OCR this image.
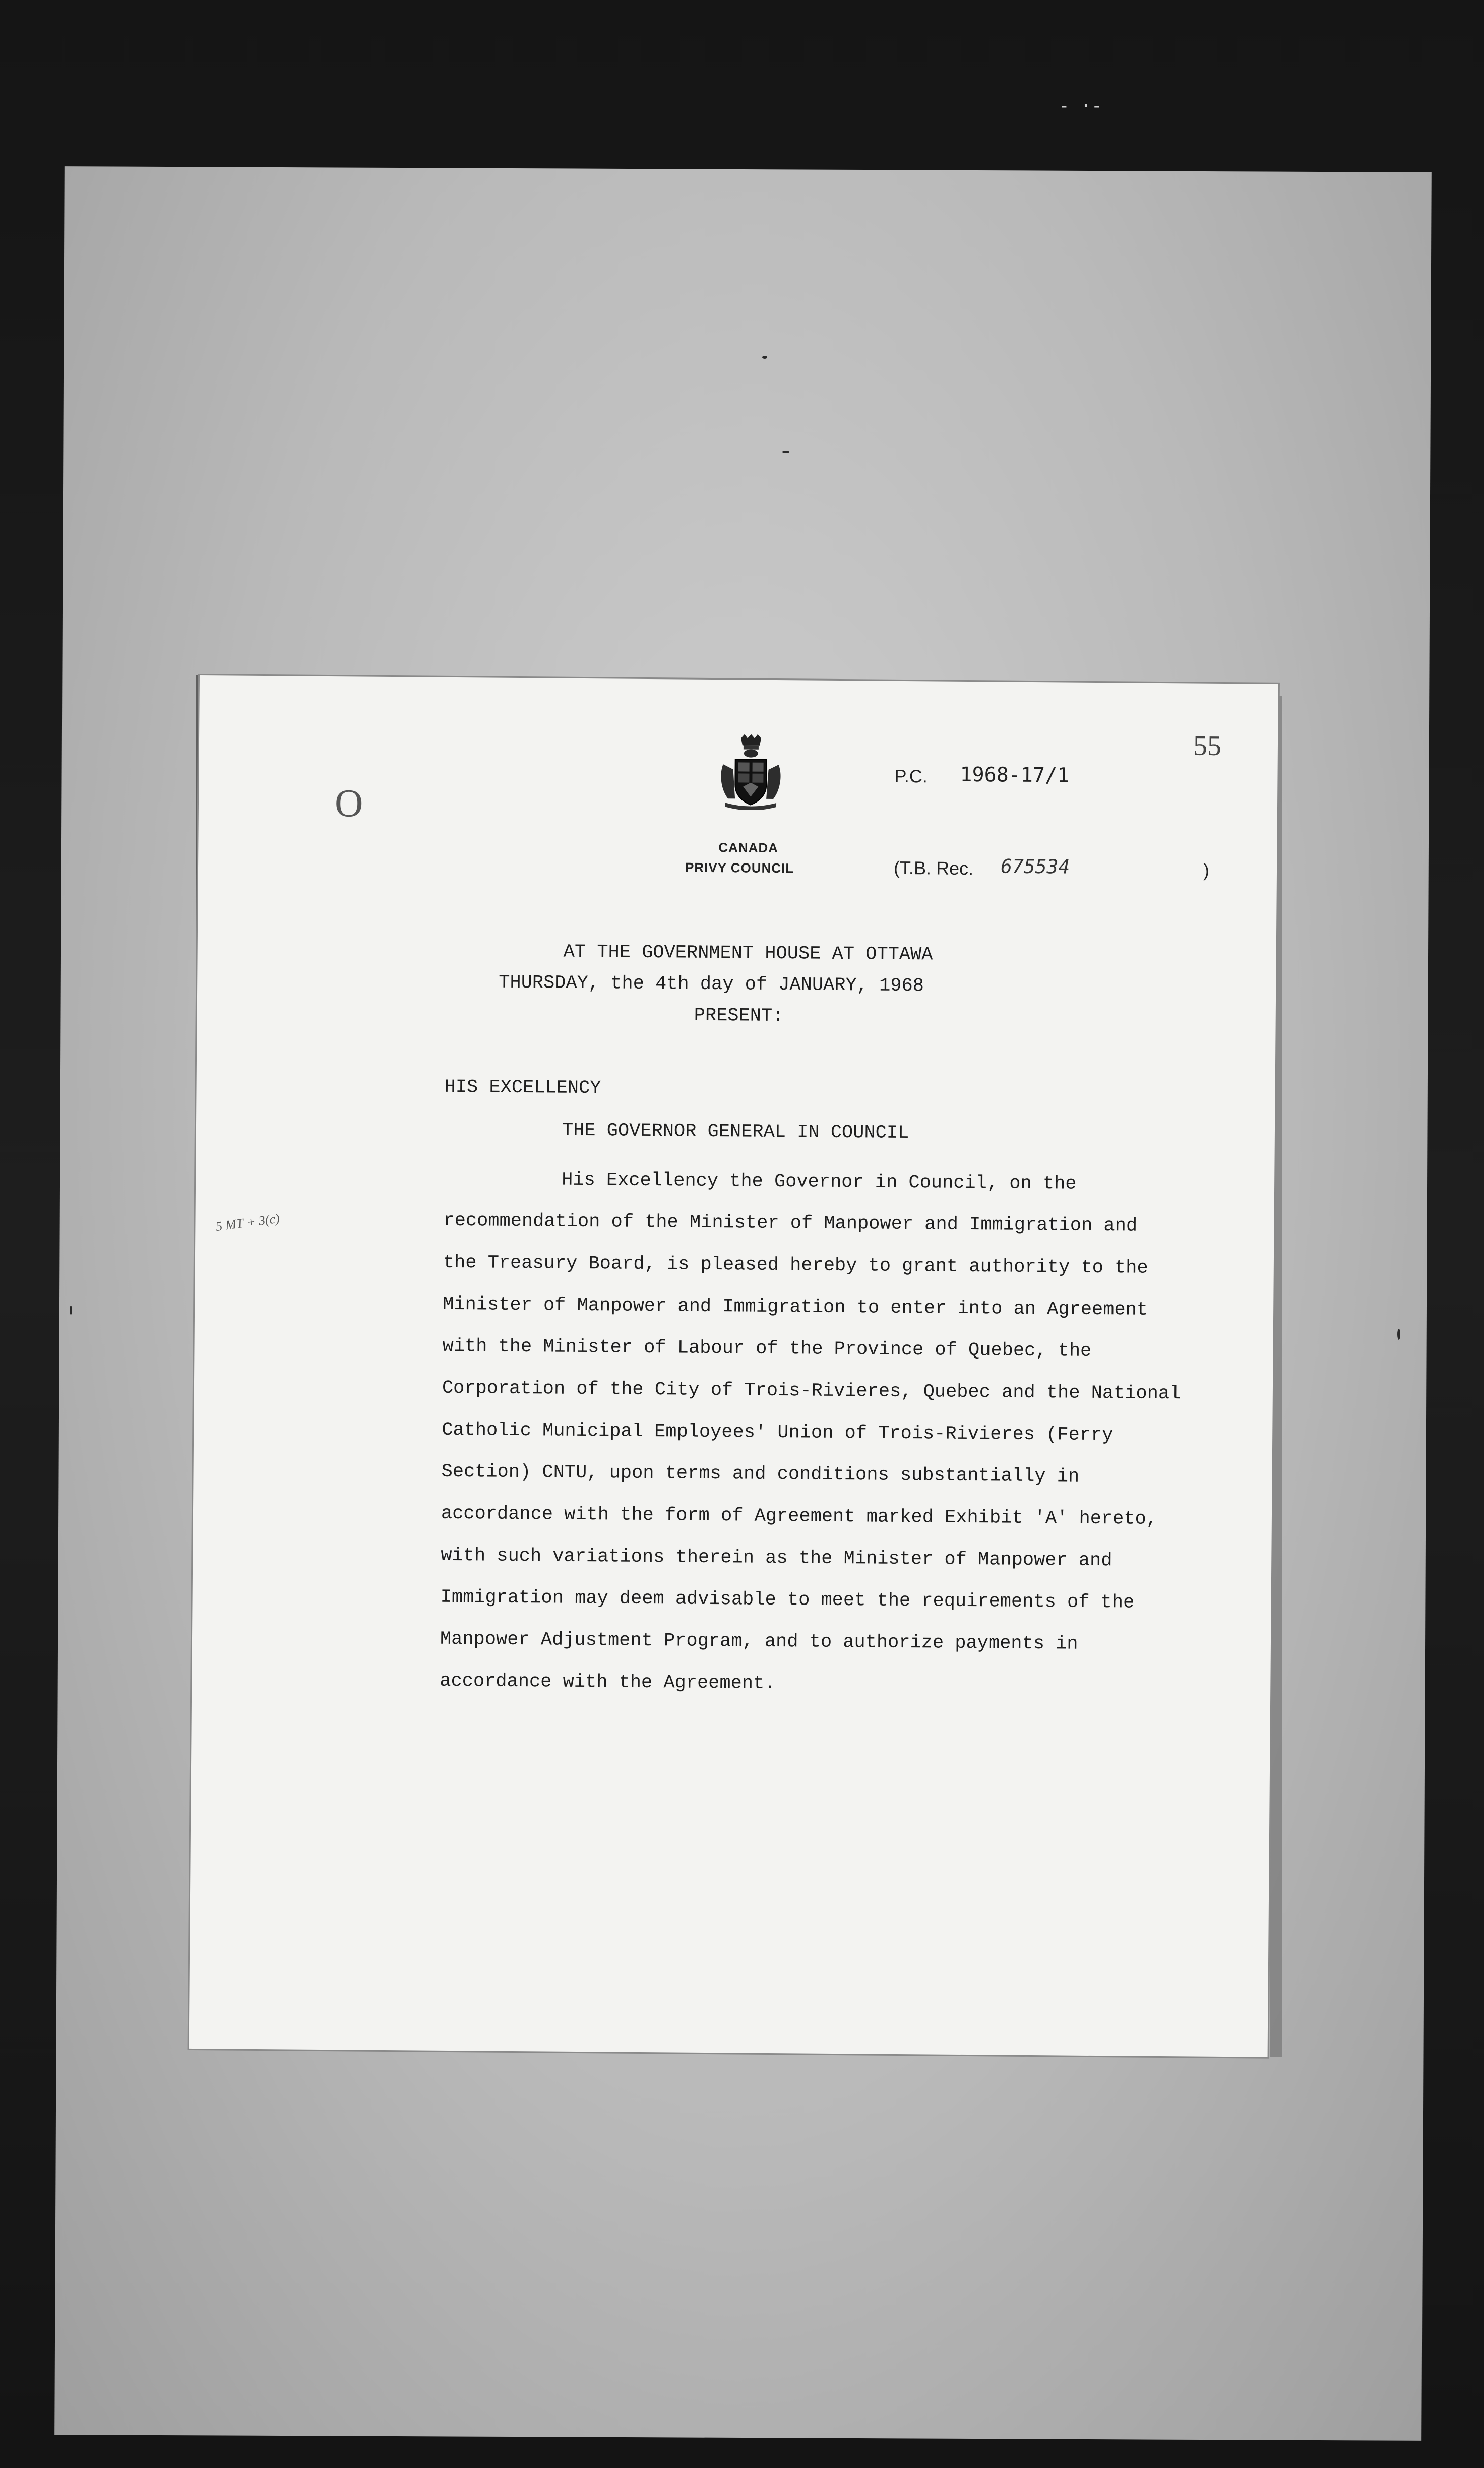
- ·-
O
5 MT + 3(c)
CANADA
PRIVY COUNCIL
P.C. 1968-17/1
55
(T.B. Rec. 675534	)
AT THE GOVERNMENT HOUSE AT OTTAWA
THURSDAY, the 4th day of JANUARY, 1968
PRESENT:
HIS EXCELLENCY
THE GOVERNOR GENERAL IN COUNCIL
His Excellency the Governor in Council, on the
recommendation of the Minister of Manpower and Immigration and
the Treasury Board, is pleased hereby to grant authority to the
Minister of Manpower and Immigration to enter into an Agreement
with the Minister of Labour of the Province of Quebec, the
Corporation of the City of Trois-Rivieres, Quebec and the National
Catholic Municipal Employees' Union of Trois-Rivieres (Ferry
Section) CNTU, upon terms and conditions substantially in
accordance with the form of Agreement marked Exhibit 'A' hereto,
with such variations therein as the Minister of Manpower and
Immigration may deem advisable to meet the requirements of the
Manpower Adjustment Program, and to authorize payments in
accordance with the Agreement.
